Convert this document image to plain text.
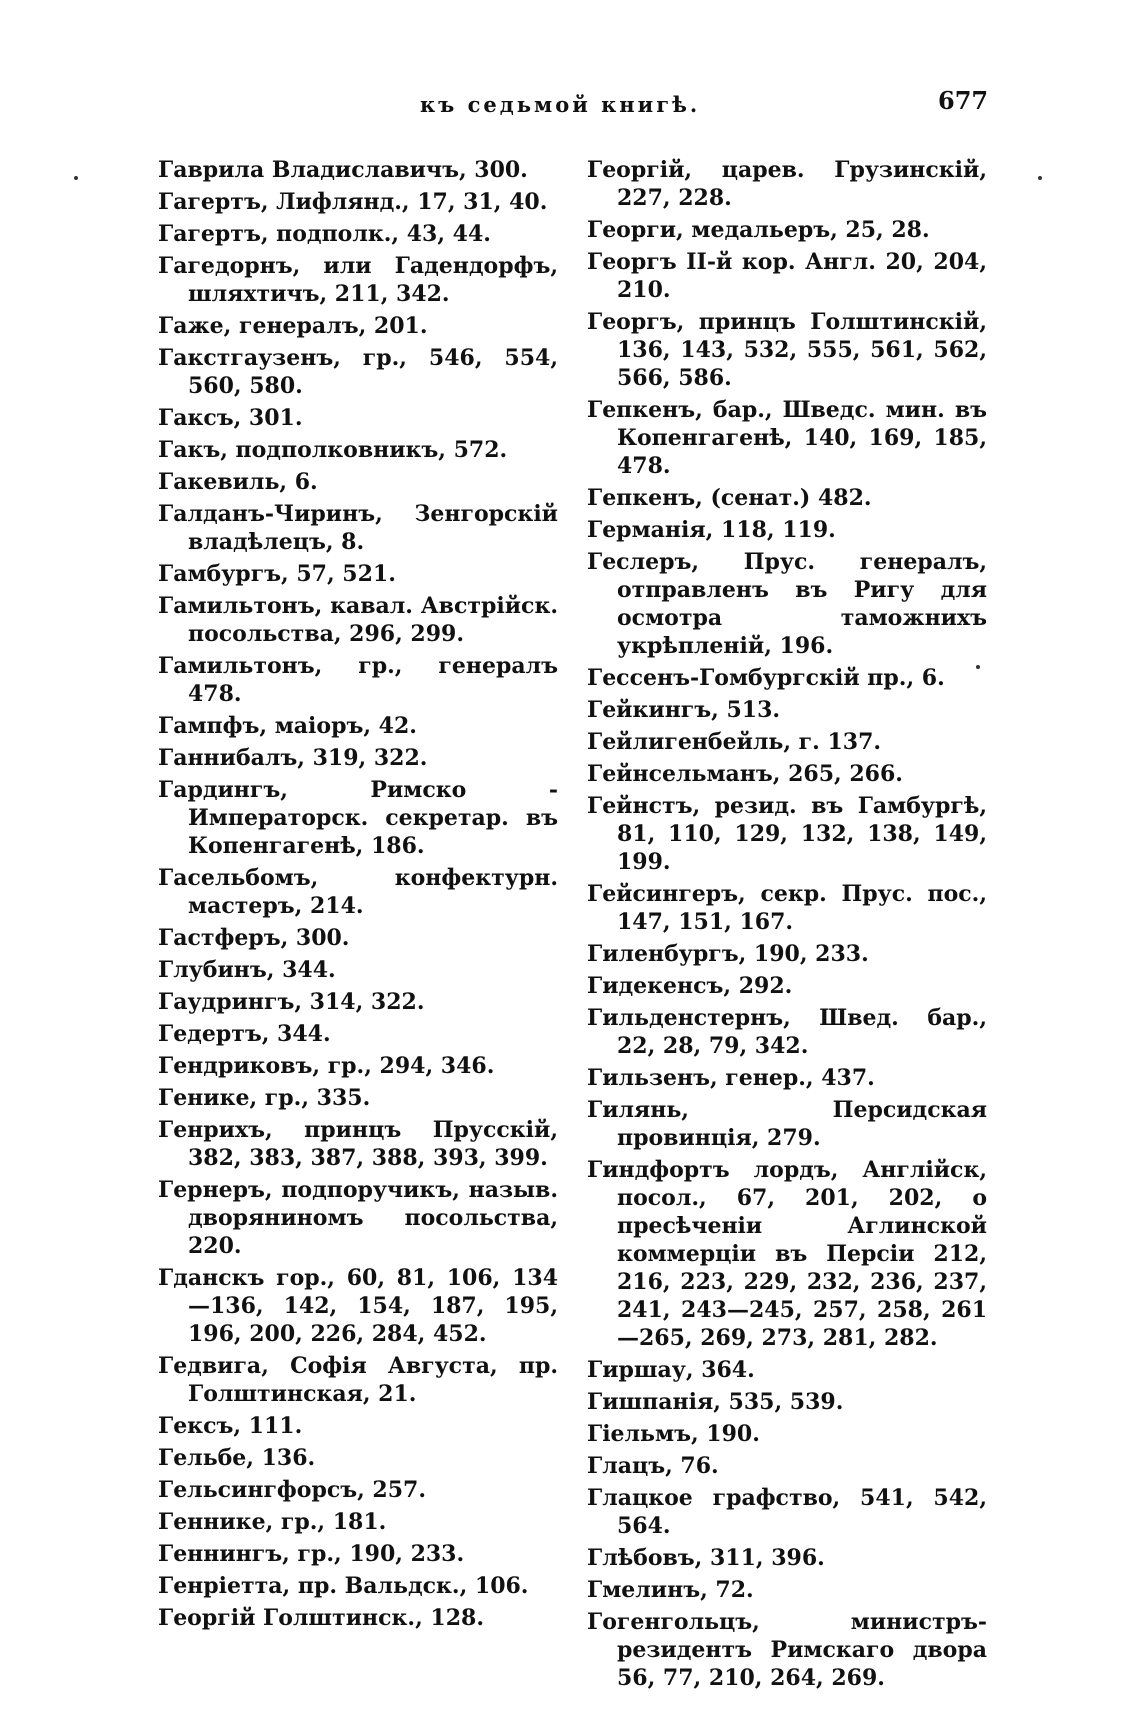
къ седьмой книгѣ.	677
Гаврила Владиславичъ, 300.
Гагертъ, Лифлянд., 17, 31, 40.
Гагертъ, подполк., 43, 44.
Гагедорнъ, или Гадендорфъ, шляхтичъ, 211, 342.
Гаже, генералъ, 201.
Гакстгаузенъ, гр., 546, 554, 560, 580.
Гаксъ, 301.
Гакъ, подполковникъ, 572.
Гакевиль, 6.
Галданъ-Чиринъ, Зенгорскій владѣлецъ, 8.
Гамбургъ, 57, 521.
Гамильтонъ, кавал. Австрійск. посольства, 296, 299.
Гамильтонъ, гр., генералъ 478.
Гампфъ, маіоръ, 42.
Ганнибалъ, 319, 322.
Гардингъ, Римско - Императорск. секретар. въ Копенгагенѣ, 186.
Гасельбомъ, конфектурн. мастеръ, 214.
Гастферъ, 300.
Глубинъ, 344.
Гаудрингъ, 314, 322.
Гедертъ, 344.
Гендриковъ, гр., 294, 346.
Генике, гр., 335.
Генрихъ, принцъ Прусскій, 382, 383, 387, 388, 393, 399.
Гернеръ, подпоручикъ, назыв. дворяниномъ посольства, 220.
Гданскъ гор., 60, 81, 106, 134—136, 142, 154, 187, 195, 196, 200, 226, 284, 452.
Гедвига, Софія Августа, пр. Голштинская, 21.
Гексъ, 111.
Гельбе, 136.
Гельсингфорсъ, 257.
Генникe, гр., 181.
Геннингъ, гр., 190, 233.
Генріетта, пр. Вальдск., 106.
Георгій Голштинск., 128.
Георгій, царев. Грузинскій, 227, 228.
Георги, медальеръ, 25, 28.
Георгъ II-й кор. Англ. 20, 204, 210.
Георгъ, принцъ Голштинскій, 136, 143, 532, 555, 561, 562, 566, 586.
Гепкенъ, бар., Шведс. мин. въ Копенгагенѣ, 140, 169, 185, 478.
Гепкенъ, (сенат.) 482.
Германія, 118, 119.
Геслеръ, Прус. генералъ, отправленъ въ Ригу для осмотра таможнихъ укрѣпленій, 196.
Гессенъ-Гомбургскій пр., 6.
Гейкингъ, 513.
Гейлигенбейль, г. 137.
Гейнсельманъ, 265, 266.
Гейнстъ, резид. въ Гамбургѣ, 81, 110, 129, 132, 138, 149, 199.
Гейсингеръ, секр. Прус. пос., 147, 151, 167.
Гиленбургъ, 190, 233.
Гидекенсъ, 292.
Гильденстернъ, Швед. бар., 22, 28, 79, 342.
Гильзенъ, генер., 437.
Гилянь, Персидская провинція, 279.
Гиндфортъ лордъ, Англійск, посол., 67, 201, 202, о пресѣченіи Аглинской коммерціи въ Персіи 212, 216, 223, 229, 232, 236, 237, 241, 243—245, 257, 258, 261—265, 269, 273, 281, 282.
Гиршау, 364.
Гишпанія, 535, 539.
Гіельмъ, 190.
Глацъ, 76.
Глацкое графство, 541, 542, 564.
Глѣбовъ, 311, 396.
Гмелинъ, 72.
Гогенгольцъ, министръ-резидентъ Римскаго двора 56, 77, 210, 264, 269.
